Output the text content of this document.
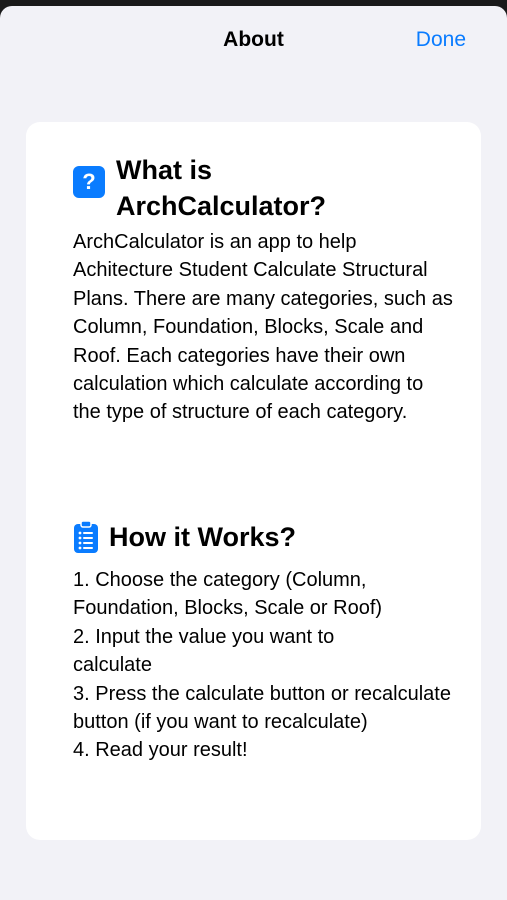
About	Done
? What is ArchCalculator?
ArchCalculator is an app to help Achitecture Student Calculate Structural Plans. There are many categories, such as Column, Foundation, Blocks, Scale and Roof. Each categories have their own calculation which calculate according to the type of structure of each category.
How it Works?
1. Choose the category (Column, Foundation, Blocks, Scale or Roof)
2. Input the value you want to calculate
3. Press the calculate button or recalculate button (if you want to recalculate)
4. Read your result!
